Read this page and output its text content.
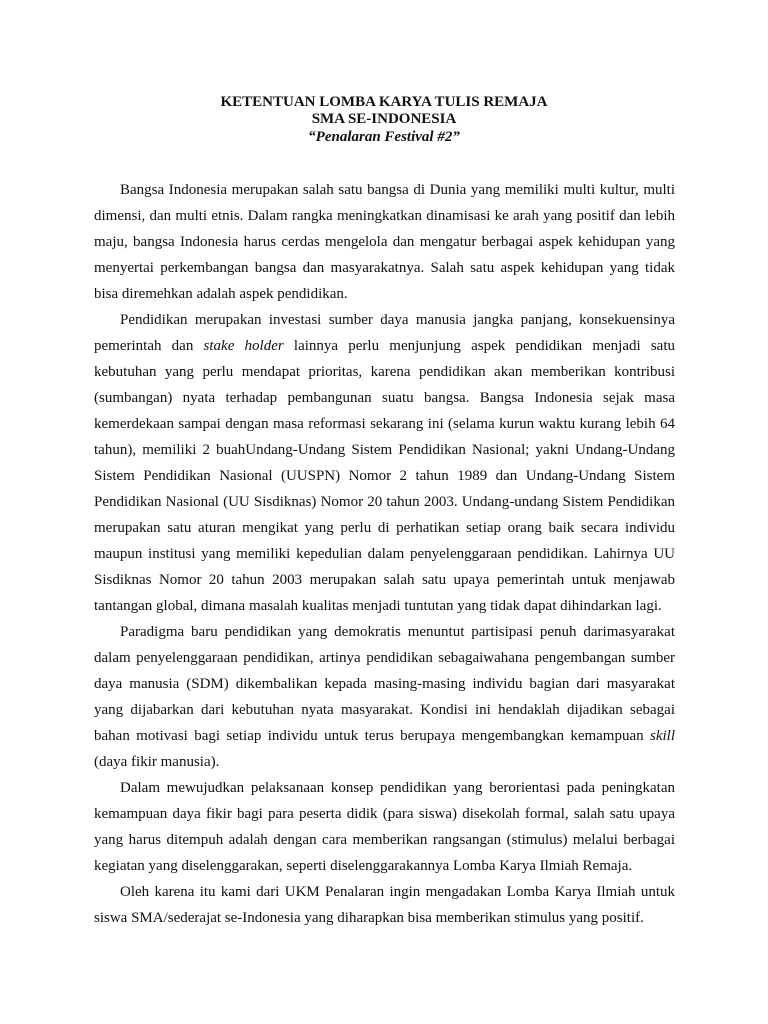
KETENTUAN LOMBA KARYA TULIS REMAJA
SMA SE-INDONESIA
“Penalaran Festival #2”

Bangsa Indonesia merupakan salah satu bangsa di Dunia yang memiliki multi kultur, multi dimensi, dan multi etnis. Dalam rangka meningkatkan dinamisasi ke arah yang positif dan lebih maju, bangsa Indonesia harus cerdas mengelola dan mengatur berbagai aspek kehidupan yang menyertai perkembangan bangsa dan masyarakatnya. Salah satu aspek kehidupan yang tidak bisa diremehkan adalah aspek pendidikan.

Pendidikan merupakan investasi sumber daya manusia jangka panjang, konsekuensinya pemerintah dan stake holder lainnya perlu menjunjung aspek pendidikan menjadi satu kebutuhan yang perlu mendapat prioritas, karena pendidikan akan memberikan kontribusi (sumbangan) nyata terhadap pembangunan suatu bangsa. Bangsa Indonesia sejak masa kemerdekaan sampai dengan masa reformasi sekarang ini (selama kurun waktu kurang lebih 64 tahun), memiliki 2 buahUndang-Undang Sistem Pendidikan Nasional; yakni Undang-Undang Sistem Pendidikan Nasional (UUSPN) Nomor 2 tahun 1989 dan Undang-Undang Sistem Pendidikan Nasional (UU Sisdiknas) Nomor 20 tahun 2003. Undang-undang Sistem Pendidikan merupakan satu aturan mengikat yang perlu di perhatikan setiap orang baik secara individu maupun institusi yang memiliki kepedulian dalam penyelenggaraan pendidikan. Lahirnya UU Sisdiknas Nomor 20 tahun 2003 merupakan salah satu upaya pemerintah untuk menjawab tantangan global, dimana masalah kualitas menjadi tuntutan yang tidak dapat dihindarkan lagi.

Paradigma baru pendidikan yang demokratis menuntut partisipasi penuh darimasyarakat dalam penyelenggaraan pendidikan, artinya pendidikan sebagaiwahana pengembangan sumber daya manusia (SDM) dikembalikan kepada masing-masing individu bagian dari masyarakat yang dijabarkan dari kebutuhan nyata masyarakat. Kondisi ini hendaklah dijadikan sebagai bahan motivasi bagi setiap individu untuk terus berupaya mengembangkan kemampuan skill (daya fikir manusia).

Dalam mewujudkan pelaksanaan konsep pendidikan yang berorientasi pada peningkatan kemampuan daya fikir bagi para peserta didik (para siswa) disekolah formal, salah satu upaya yang harus ditempuh adalah dengan cara memberikan rangsangan (stimulus) melalui berbagai kegiatan yang diselenggarakan, seperti diselenggarakannya Lomba Karya Ilmiah Remaja.

Oleh karena itu kami dari UKM Penalaran ingin mengadakan Lomba Karya Ilmiah untuk siswa SMA/sederajat se-Indonesia yang diharapkan bisa memberikan stimulus yang positif.
